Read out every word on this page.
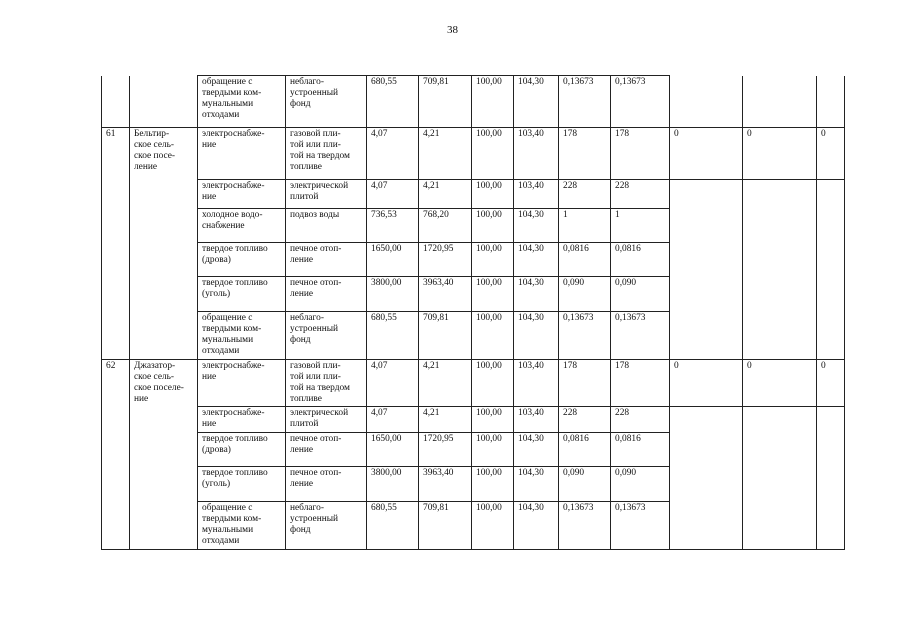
38

		обращение с
твердыми ком-
мунальными
отходами	неблаго-
устроенный
фонд	680,55	709,81	100,00	104,30	0,13673	0,13673			

61	Бельтир-
ское сель-
ское посе-
ление	электроснабже-
ние	газовой пли-
той или пли-
той на твердом
топливе	4,07	4,21	100,00	103,40	178	178	0	0	0

		электроснабже-
ние	электрической
плитой	4,07	4,21	100,00	103,40	228	228			

		холодное водо-
снабжение	подвоз воды	736,53	768,20	100,00	104,30	1	1			

		твердое топливо
(дрова)	печное отоп-
ление	1650,00	1720,95	100,00	104,30	0,0816	0,0816			

		твердое топливо
(уголь)	печное отоп-
ление	3800,00	3963,40	100,00	104,30	0,090	0,090			

		обращение с
твердыми ком-
мунальными
отходами	неблаго-
устроенный
фонд	680,55	709,81	100,00	104,30	0,13673	0,13673			

62	Джазатор-
ское сель-
ское поселе-
ние	электроснабже-
ние	газовой пли-
той или пли-
той на твердом
топливе	4,07	4,21	100,00	103,40	178	178	0	0	0

		электроснабже-
ние	электрической
плитой	4,07	4,21	100,00	103,40	228	228			

		твердое топливо
(дрова)	печное отоп-
ление	1650,00	1720,95	100,00	104,30	0,0816	0,0816			

		твердое топливо
(уголь)	печное отоп-
ление	3800,00	3963,40	100,00	104,30	0,090	0,090			

		обращение с
твердыми ком-
мунальными
отходами	неблаго-
устроенный
фонд	680,55	709,81	100,00	104,30	0,13673	0,13673			
